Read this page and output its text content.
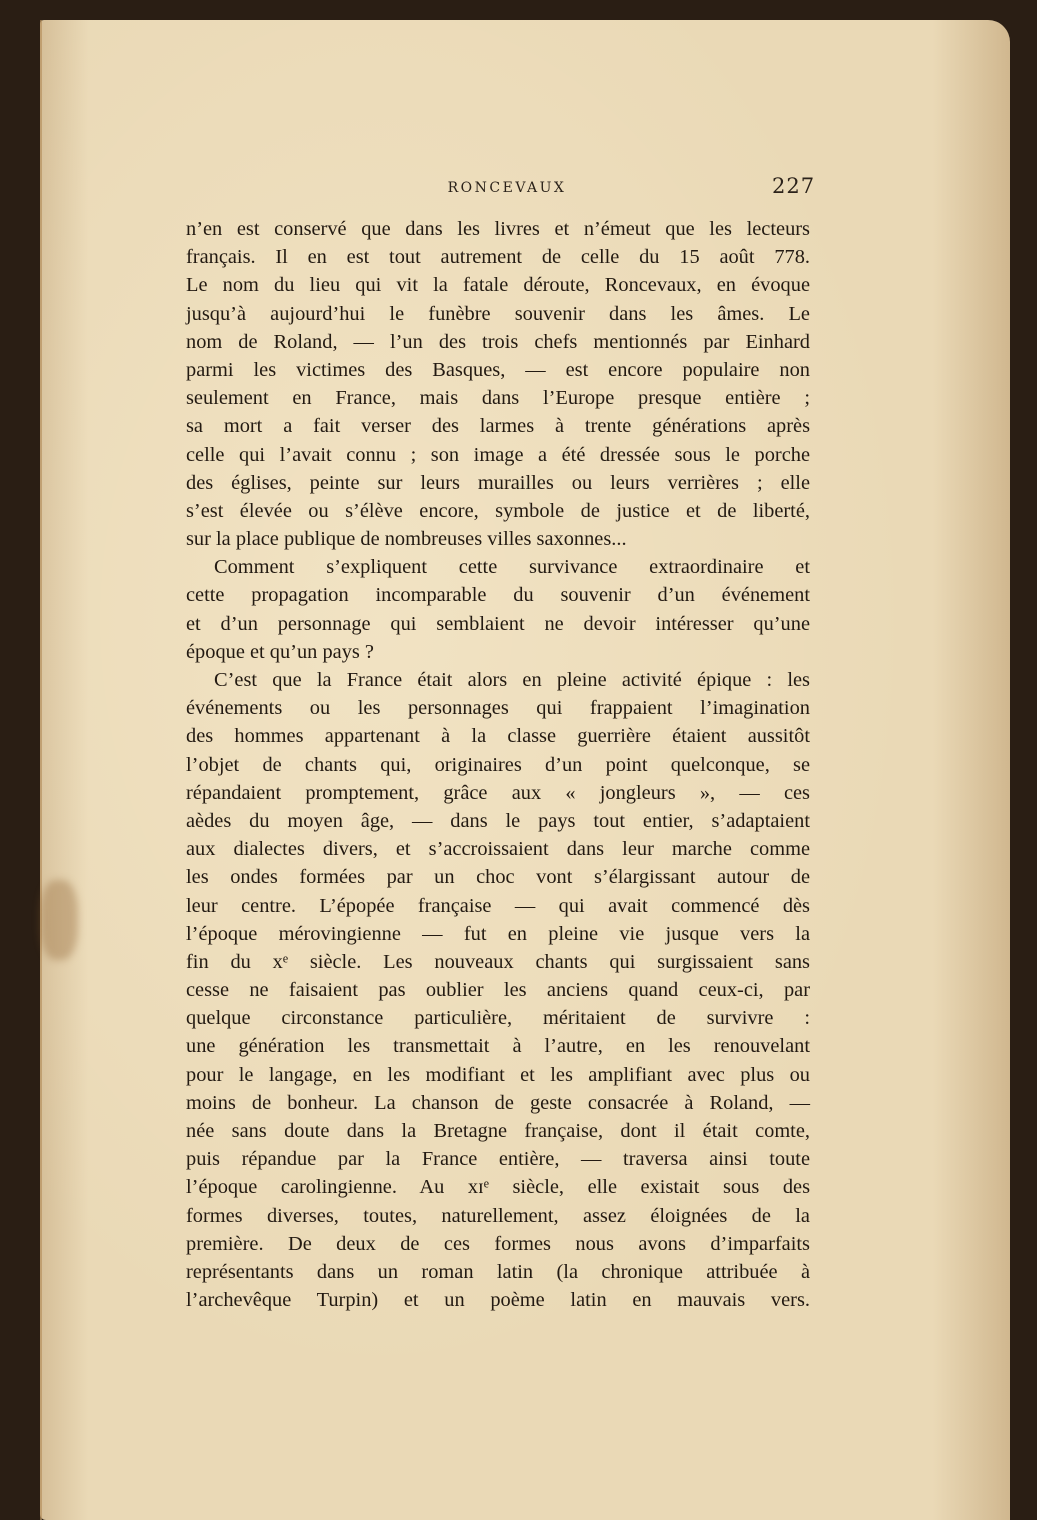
RONCEVAUX	227
n’en est conservé que dans les livres et n’émeut que les lecteurs
français. Il en est tout autrement de celle du 15 août 778.
Le nom du lieu qui vit la fatale déroute, Roncevaux, en évoque
jusqu’à aujourd’hui le funèbre souvenir dans les âmes. Le
nom de Roland, — l’un des trois chefs mentionnés par Einhard
parmi les victimes des Basques, — est encore populaire non
seulement en France, mais dans l’Europe presque entière ;
sa mort a fait verser des larmes à trente générations après
celle qui l’avait connu ; son image a été dressée sous le porche
des églises, peinte sur leurs murailles ou leurs verrières ; elle
s’est élevée ou s’élève encore, symbole de justice et de liberté,
sur la place publique de nombreuses villes saxonnes...
Comment s’expliquent cette survivance extraordinaire et
cette propagation incomparable du souvenir d’un événement
et d’un personnage qui semblaient ne devoir intéresser qu’une
époque et qu’un pays ?
C’est que la France était alors en pleine activité épique : les
événements ou les personnages qui frappaient l’imagination
des hommes appartenant à la classe guerrière étaient aussitôt
l’objet de chants qui, originaires d’un point quelconque, se
répandaient promptement, grâce aux « jongleurs », — ces
aèdes du moyen âge, — dans le pays tout entier, s’adaptaient
aux dialectes divers, et s’accroissaient dans leur marche comme
les ondes formées par un choc vont s’élargissant autour de
leur centre. L’épopée française — qui avait commencé dès
l’époque mérovingienne — fut en pleine vie jusque vers la
fin du xᵉ siècle. Les nouveaux chants qui surgissaient sans
cesse ne faisaient pas oublier les anciens quand ceux-ci, par
quelque circonstance particulière, méritaient de survivre :
une génération les transmettait à l’autre, en les renouvelant
pour le langage, en les modifiant et les amplifiant avec plus ou
moins de bonheur. La chanson de geste consacrée à Roland, —
née sans doute dans la Bretagne française, dont il était comte,
puis répandue par la France entière, — traversa ainsi toute
l’époque carolingienne. Au xɪᵉ siècle, elle existait sous des
formes diverses, toutes, naturellement, assez éloignées de la
première. De deux de ces formes nous avons d’imparfaits
représentants dans un roman latin (la chronique attribuée à
l’archevêque Turpin) et un poème latin en mauvais vers.
